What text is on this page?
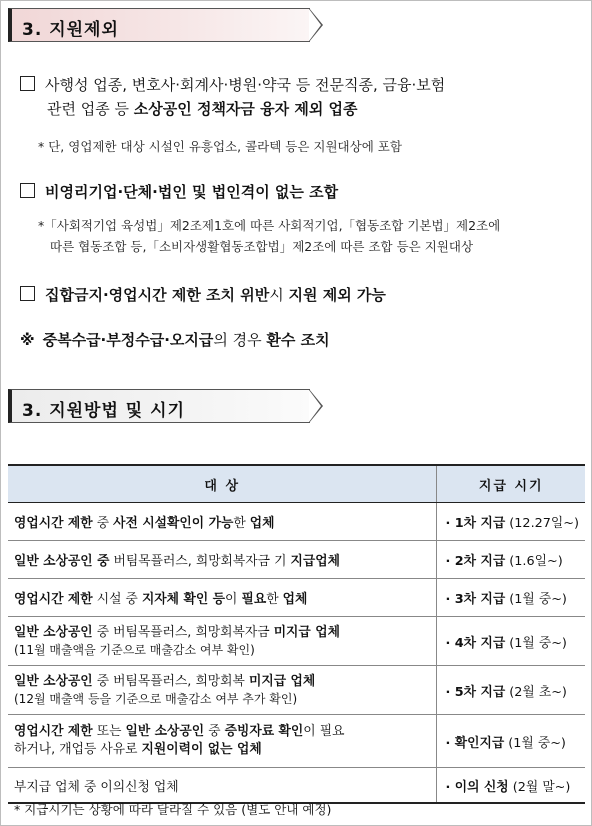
3. 지원제외
사행성 업종, 변호사·회계사·병원·약국 등 전문직종, 금융·보험
관련 업종 등 소상공인 정책자금 융자 제외 업종
* 단, 영업제한 대상 시설인 유흥업소, 콜라텍 등은 지원대상에 포함
비영리기업·단체·법인 및 법인격이 없는 조합
*「사회적기업 육성법」제2조제1호에 따른 사회적기업,「협동조합 기본법」제2조에
따른 협동조합 등,「소비자생활협동조합법」제2조에 따른 조합 등은 지원대상
집합금지·영업시간 제한 조치 위반시 지원 제외 가능
※ 중복수급·부정수급·오지급의 경우 환수 조치
3. 지원방법 및 시기
대 상	지급 시기
영업시간 제한 중 사전 시설확인이 가능한 업체	· 1차 지급 (12.27일~)
일반 소상공인 중 버팀목플러스, 희망회복자금 기 지급업체	· 2차 지급 (1.6일~)
영업시간 제한 시설 중 지자체 확인 등이 필요한 업체	· 3차 지급 (1월 중~)

일반 소상공인 중 버팀목플러스, 희망회복자금 미지급 업체
(11월 매출액을 기준으로 매출감소 여부 확인)	· 4차 지급 (1월 중~)

일반 소상공인 중 버팀목플러스, 희망회복 미지급 업체
(12월 매출액 등을 기준으로 매출감소 여부 추가 확인)	· 5차 지급 (2월 초~)

영업시간 제한 또는 일반 소상공인 중 증빙자료 확인이 필요
하거나, 개업등 사유로 지원이력이 없는 업체	· 확인지급 (1월 중~)
부지급 업체 중 이의신청 업체	· 이의 신청 (2월 말~)
* 지급시기는 상황에 따라 달라질 수 있음 (별도 안내 예정)
